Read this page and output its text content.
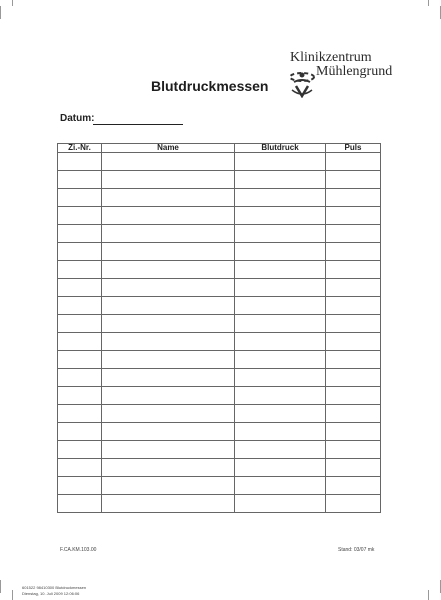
Klinikzentrum
Mühlengrund
Blutdruckmessen
Datum:
Zi.-Nr.	Name	Blutdruck	Puls

F.CA.KM.103.00	Stand: 03/07 mk
601522 98410300 Blutdruckmessen
Dienstag, 10. Juli 2009 12:06:06
